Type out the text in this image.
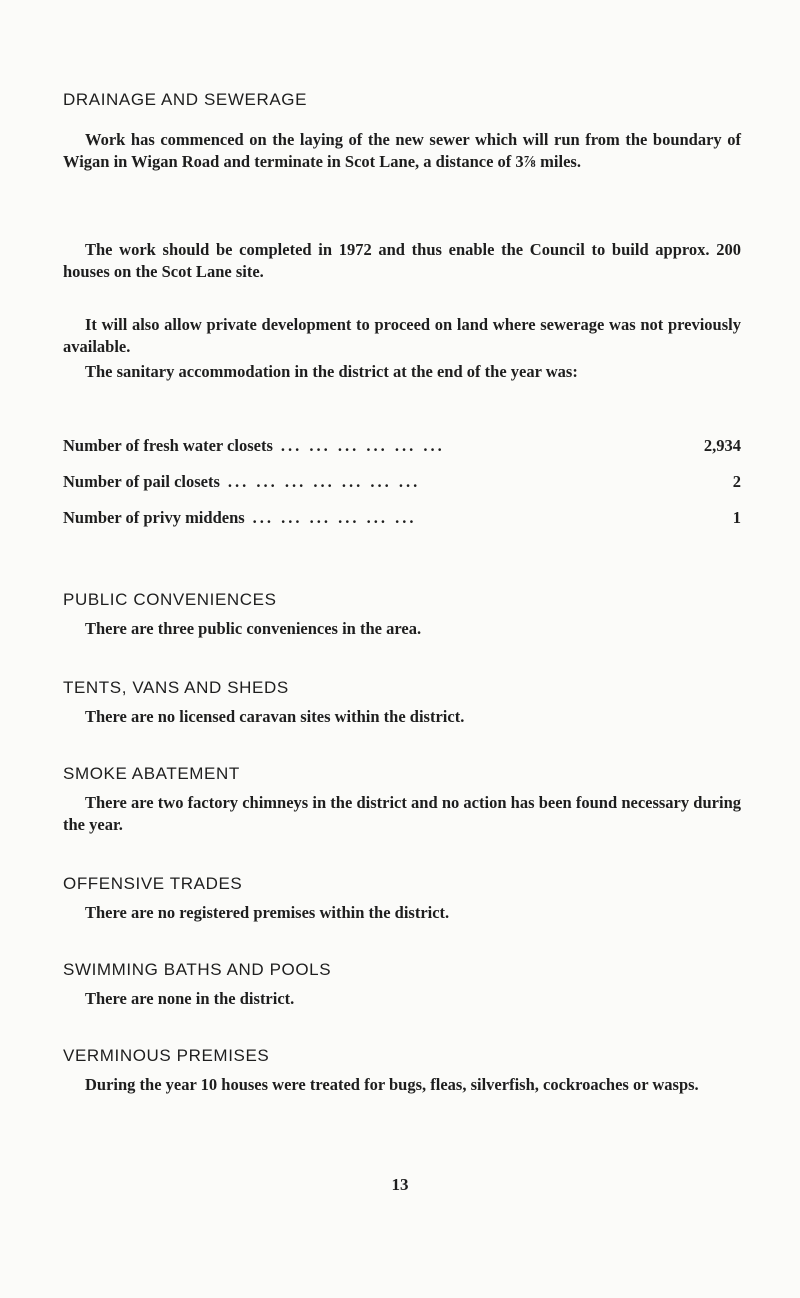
DRAINAGE AND SEWERAGE

Work has commenced on the laying of the new sewer which will run from the boundary of Wigan in Wigan Road and terminate in Scot Lane, a distance of 3⅞ miles.

The work should be completed in 1972 and thus enable the Council to build approx. 200 houses on the Scot Lane site.

It will also allow private development to proceed on land where sewerage was not previously available.

The sanitary accommodation in the district at the end of the year was:

Number of fresh water closets ... ... ... ... ... ...	2,934
Number of pail closets ... ... ... ... ... ... ...	2
Number of privy middens ... ... ... ... ... ...	1
PUBLIC CONVENIENCES

There are three public conveniences in the area.

TENTS, VANS AND SHEDS

There are no licensed caravan sites within the district.

SMOKE ABATEMENT

There are two factory chimneys in the district and no action has been found necessary during the year.

OFFENSIVE TRADES

There are no registered premises within the district.

SWIMMING BATHS AND POOLS

There are none in the district.

VERMINOUS PREMISES

During the year 10 houses were treated for bugs, fleas, silverfish, cockroaches or wasps.

13
